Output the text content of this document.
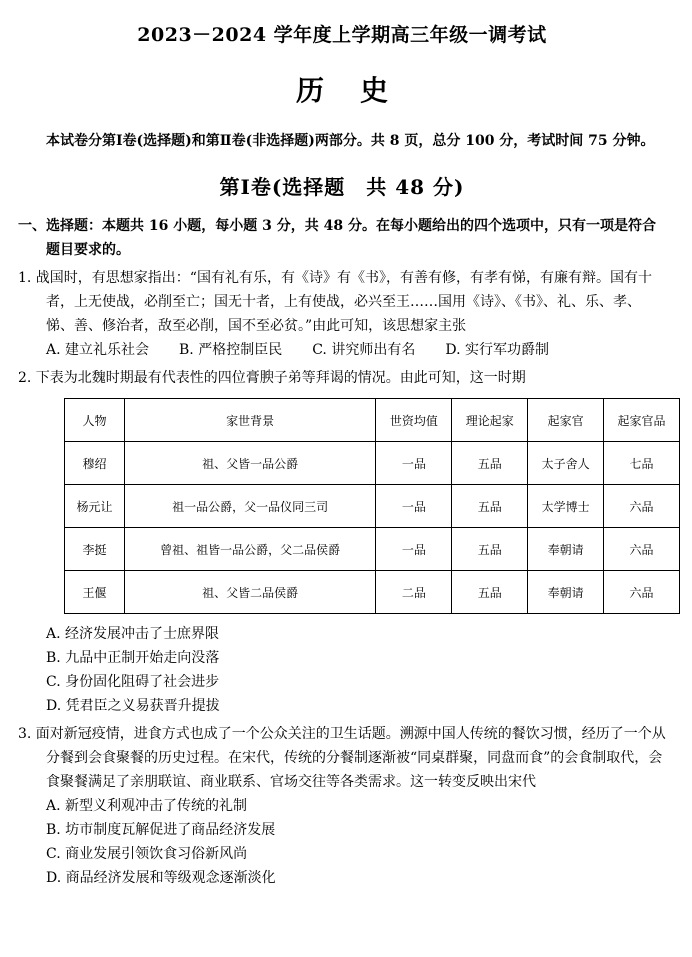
2023－2024 学年度上学期高三年级一调考试
历史
本试卷分第Ⅰ卷(选择题)和第Ⅱ卷(非选择题)两部分。共 8 页，总分 100 分，考试时间 75 分钟。
第Ⅰ卷(选择题　共 48 分)
一、选择题：本题共 16 小题，每小题 3 分，共 48 分。在每小题给出的四个选项中，只有一项是符合题目要求的。
1. 战国时，有思想家指出：“国有礼有乐，有《诗》有《书》，有善有修，有孝有悌，有廉有辩。国有十者，上无使战，必削至亡；国无十者，上有使战，必兴至王……国用《诗》、《书》、礼、乐、孝、悌、善、修治者，敌至必削，国不至必贫。”由此可知，该思想家主张
A. 建立礼乐社会 B. 严格控制臣民 C. 讲究师出有名 D. 实行军功爵制
2. 下表为北魏时期最有代表性的四位膏腴子弟等拜谒的情况。由此可知，这一时期
人物	家世背景	世资均值	理论起家	起家官	起家官品
穆绍	祖、父皆一品公爵	一品	五品	太子舍人	七品
杨元让	祖一品公爵，父一品仪同三司	一品	五品	太学博士	六品
李挺	曾祖、祖皆一品公爵，父二品侯爵	一品	五品	奉朝请	六品
王偃	祖、父皆二品侯爵	二品	五品	奉朝请	六品
A. 经济发展冲击了士庶界限
B. 九品中正制开始走向没落
C. 身份固化阻碍了社会进步
D. 凭君臣之义易获晋升提拔
3. 面对新冠疫情，进食方式也成了一个公众关注的卫生话题。溯源中国人传统的餐饮习惯，经历了一个从分餐到会食聚餐的历史过程。在宋代，传统的分餐制逐渐被“同桌群聚，同盘而食”的会食制取代，会食聚餐满足了亲朋联谊、商业联系、官场交往等各类需求。这一转变反映出宋代
A. 新型义利观冲击了传统的礼制
B. 坊市制度瓦解促进了商品经济发展
C. 商业发展引领饮食习俗新风尚
D. 商品经济发展和等级观念逐渐淡化
